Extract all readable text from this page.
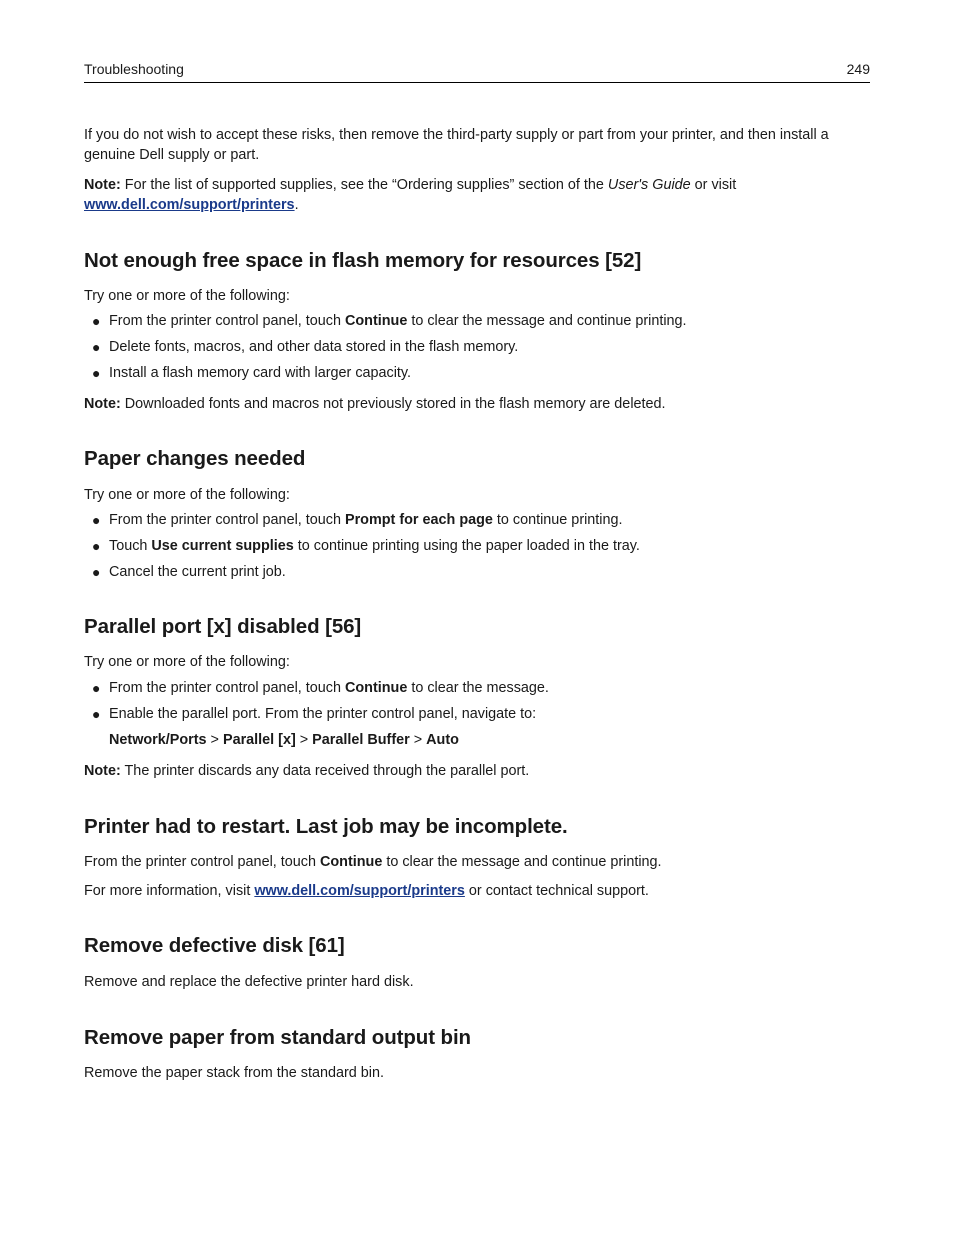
Troubleshooting	249
If you do not wish to accept these risks, then remove the third-party supply or part from your printer, and then install a genuine Dell supply or part.
Note: For the list of supported supplies, see the “Ordering supplies” section of the User's Guide or visit
www.dell.com/support/printers.
Not enough free space in flash memory for resources [52]
Try one or more of the following:
● From the printer control panel, touch Continue to clear the message and continue printing.
● Delete fonts, macros, and other data stored in the flash memory.
● Install a flash memory card with larger capacity.
Note: Downloaded fonts and macros not previously stored in the flash memory are deleted.
Paper changes needed
Try one or more of the following:
● From the printer control panel, touch Prompt for each page to continue printing.
● Touch Use current supplies to continue printing using the paper loaded in the tray.
● Cancel the current print job.
Parallel port [x] disabled [56]
Try one or more of the following:
● From the printer control panel, touch Continue to clear the message.
● Enable the parallel port. From the printer control panel, navigate to:
Network/Ports > Parallel [x] > Parallel Buffer > Auto
Note: The printer discards any data received through the parallel port.
Printer had to restart. Last job may be incomplete.
From the printer control panel, touch Continue to clear the message and continue printing.
For more information, visit www.dell.com/support/printers or contact technical support.
Remove defective disk [61]
Remove and replace the defective printer hard disk.
Remove paper from standard output bin
Remove the paper stack from the standard bin.
